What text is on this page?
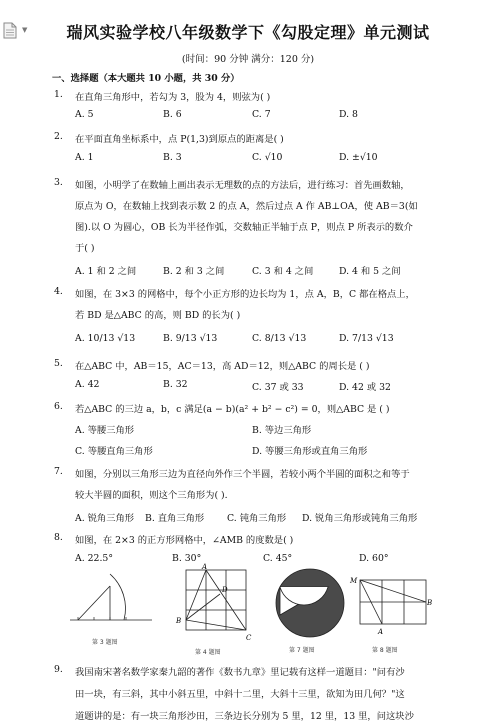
▼	瑞风实验学校八年级数学下《勾股定理》单元测试
(时间：90 分钟 满分：120 分)
一、选择题（本大题共 10 小题，共 30 分）
1. 在直角三角形中，若勾为 3，股为 4，则弦为( )
A. 5	B. 6	C. 7	D. 8
2. 在平面直角坐标系中，点 P(1,3)到原点的距离是( )
A. 1	B. 3	C. √10	D. ±√10
3. 如图，小明学了在数轴上画出表示无理数的点的方法后，进行练习：首先画数轴，
原点为 O，在数轴上找到表示数 2 的点 A，然后过点 A 作 AB⊥OA，使 AB＝3(如
图).以 O 为圆心，OB 长为半径作弧，交数轴正半轴于点 P，则点 P 所表示的数介
于( )
A. 1 和 2 之间	B. 2 和 3 之间	C. 3 和 4 之间	D. 4 和 5 之间
4. 如图，在 3×3 的网格中，每个小正方形的边长均为 1，点 A，B，C 都在格点上，
若 BD 是△ABC 的高，则 BD 的长为( )
A. 10/13 √13	B. 9/13 √13	C. 8/13 √13	D. 7/13 √13
5. 在△ABC 中，AB＝15，AC＝13，高 AD＝12，则△ABC 的周长是 ( )
A. 42	B. 32	C. 37 或 33	D. 42 或 32
6. 若△ABC 的三边 a，b，c 满足(a − b)(a² + b² − c²) = 0，则△ABC 是 ( )
A. 等腰三角形	B. 等边三角形
C. 等腰直角三角形	D. 等腰三角形或直角三角形
7. 如图，分别以三角形三边为直径向外作三个半圆，若较小两个半圆的面积之和等于
较大半圆的面积，则这个三角形为( ).
A. 锐角三角形 B. 直角三角形 C. 钝角三角形 D. 锐角三角形或钝角三角形
8. 如图，在 2×3 的正方形网格中，∠AMB 的度数是( )
A. 22.5°	B. 30°	C. 45°	D. 60°
第 3 题图
A
B
C
D
第 4 题图	第 7 题图
M
A
B
第 8 题图
9. 我国南宋著名数学家秦九韶的著作《数书九章》里记载有这样一道题目："问有沙
田一块，有三斜，其中小斜五里，中斜十二里，大斜十三里，欲知为田几何？"这
道题讲的是：有一块三角形沙田，三条边长分别为 5 里，12 里，13 里，问这块沙
